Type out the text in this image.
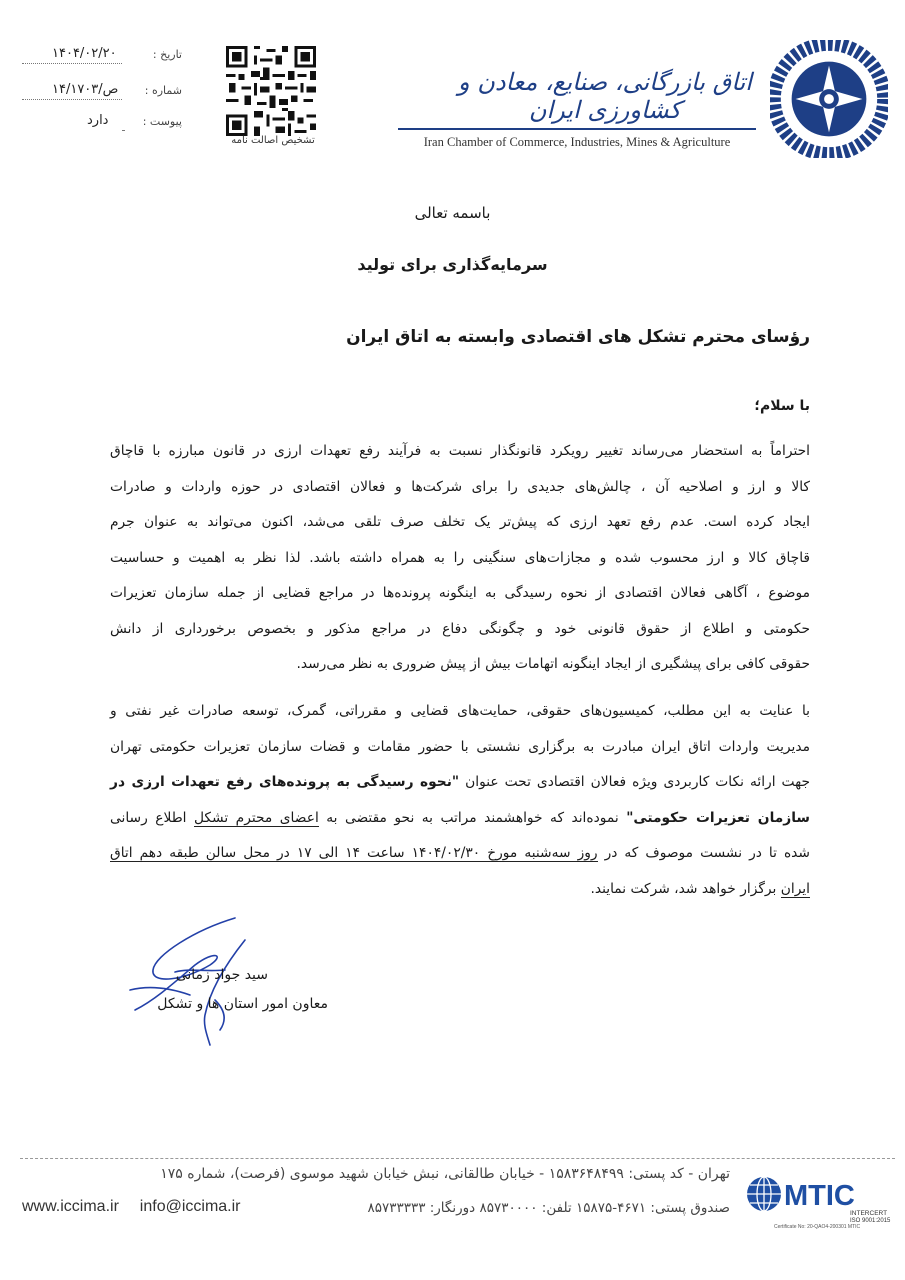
۱۴۰۴/۰۲/۲۰	تاریخ :
۱۴/۱۷۰۳/ص شماره :
دارد	پیوست :
تشخیص اصالت نامه
اتاق بازرگانی، صنایع، معادن و کشاورزی ایران
Iran Chamber of Commerce, Industries, Mines & Agriculture
باسمه تعالی
سرمایه‌گذاری برای تولید
رؤسای محترم تشکل های اقتصادی وابسته به اتاق ایران
با سلام؛
احتراماً به استحضار می‌رساند تغییر رویکرد قانونگذار نسبت به فرآیند رفع تعهدات ارزی در قانون مبارزه با قاچاق
کالا و ارز و اصلاحیه آن ، چالش‌های جدیدی را برای شرکت‌ها و فعالان اقتصادی در حوزه واردات و صادرات
ایجاد کرده است. عدم رفع تعهد ارزی که پیش‌تر یک تخلف صرف تلقی می‌شد، اکنون می‌تواند به عنوان جرم
قاچاق کالا و ارز محسوب شده و مجازات‌های سنگینی را به همراه داشته باشد. لذا نظر به اهمیت و حساسیت
موضوع ، آگاهی فعالان اقتصادی از نحوه رسیدگی به اینگونه پرونده‌ها در مراجع قضایی از جمله سازمان تعزیرات
حکومتی و اطلاع از حقوق قانونی خود و چگونگی دفاع در مراجع مذکور و بخصوص برخورداری از دانش
حقوقی کافی برای پیشگیری از ایجاد اینگونه اتهامات بیش از پیش ضروری به نظر می‌رسد.
با عنایت به این مطلب، کمیسیون‌های حقوقی، حمایت‌های قضایی و مقرراتی، گمرک، توسعه صادرات غیر نفتی و
مدیریت واردات اتاق ایران مبادرت به برگزاری نشستی با حضور مقامات و قضات سازمان تعزیرات حکومتی تهران
جهت ارائه نکات کاربردی ویژه فعالان اقتصادی تحت عنوان "نحوه رسیدگی به پرونده‌های رفع تعهدات ارزی در
سازمان تعزیرات حکومتی" نموده‌اند که خواهشمند مراتب به نحو مقتضی به اعضای محترم تشکل اطلاع رسانی
شده تا در نشست موصوف که در روز سه‌شنبه مورخ ۱۴۰۴/۰۲/۳۰ ساعت ۱۴ الی ۱۷ در محل سالن طبقه دهم اتاق
ایران برگزار خواهد شد، شرکت نمایند.
سید جواد زمانی
معاون امور استان ها و تشکل
تهران - کد پستی: ۱۵۸۳۶۴۸۴۹۹ - خیابان طالقانی، نبش خیابان شهید موسوی (فرصت)، شماره ۱۷۵
صندوق پستی: ۴۶۷۱-۱۵۸۷۵ تلفن: ۸۵۷۳۰۰۰۰ دورنگار: ۸۵۷۳۳۳۳۳
www.iccima.ir info@iccima.ir	MTIC
INTERCERT
ISO 9001:2015
Certificate No: 20-QAO4-200301 MTIC
